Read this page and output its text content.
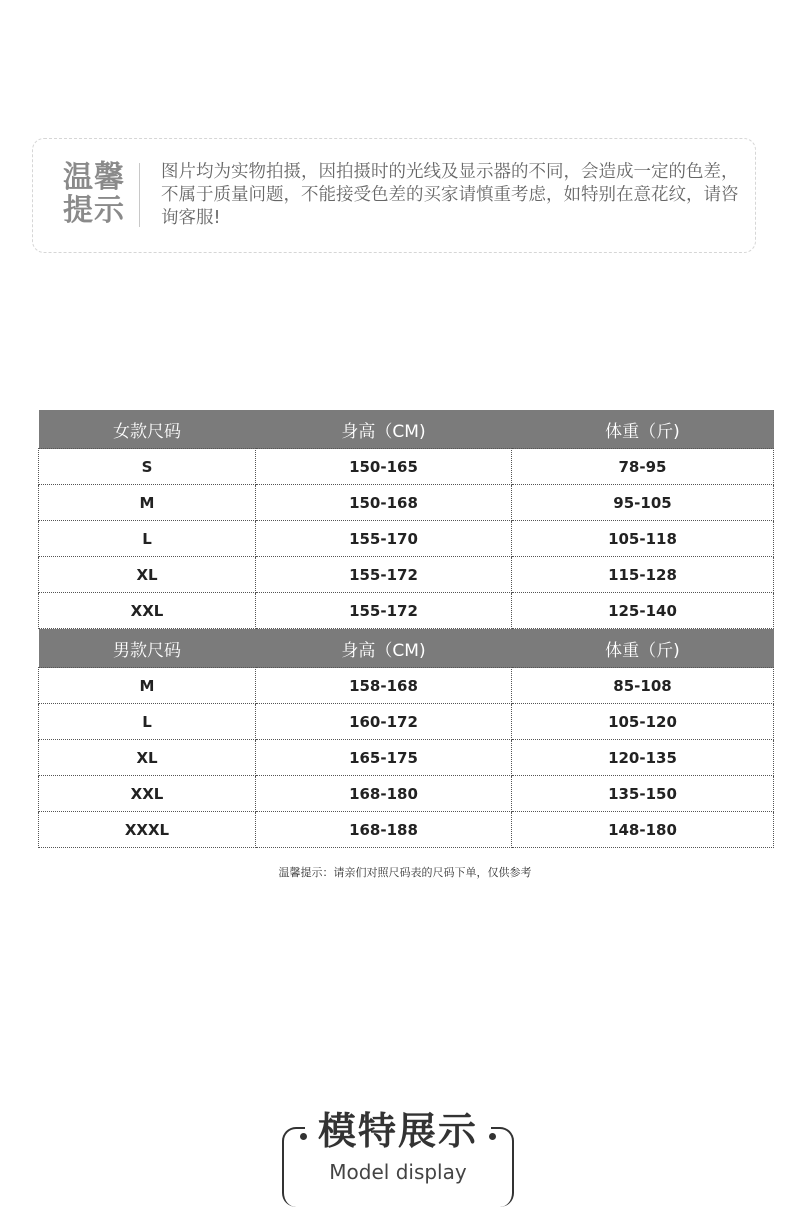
温馨
提示
图片均为实物拍摄，因拍摄时的光线及显示器的不同，会造成一定的色差，不属于质量问题，不能接受色差的买家请慎重考虑，如特别在意花纹，请咨询客服!
女款尺码	身高（CM)	体重（斤)
S	150-165	78-95
M	150-168	95-105
L	155-170	105-118
XL	155-172	115-128
XXL	155-172	125-140
男款尺码	身高（CM)	体重（斤)
M	158-168	85-108
L	160-172	105-120
XL	165-175	120-135
XXL	168-180	135-150
XXXL	168-188	148-180
温馨提示：请亲们对照尺码表的尺码下单，仅供参考
模特展示
Model display
